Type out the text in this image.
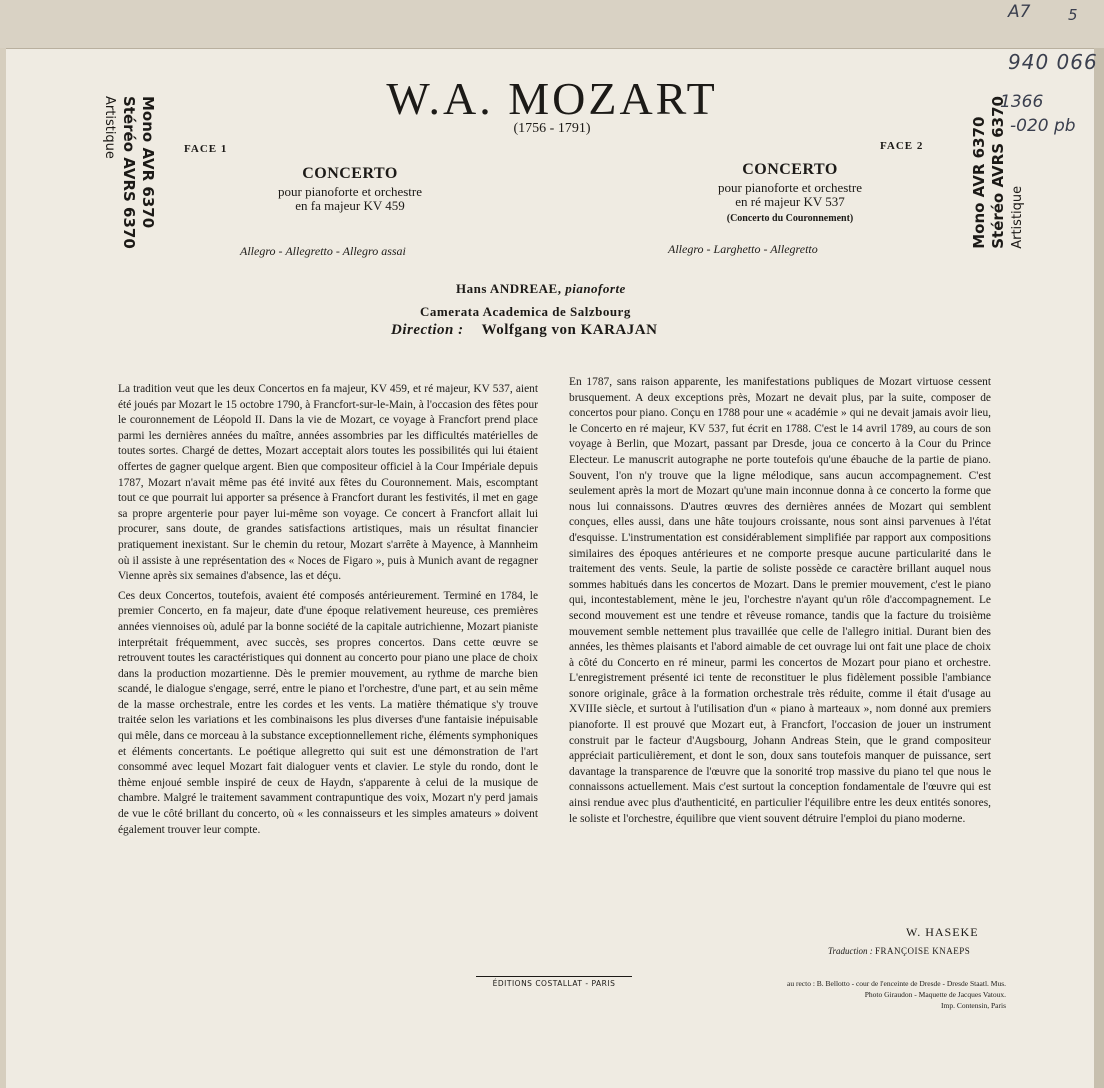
A7	5
940 066
1366
-020 pb
W.A. MOZART
(1756 - 1791)
Mono AVR 6370
Stéréo AVRS 6370
Artistique	Mono AVR 6370 Stéréo AVRS 6370 Artistique
FACE 1	FACE 2
CONCERTO
pour pianoforte et orchestre
en fa majeur KV 459
CONCERTO
pour pianoforte et orchestre
en ré majeur KV 537
(Concerto du Couronnement)
Allegro - Allegretto - Allegro assai	Allegro - Larghetto - Allegretto
Hans ANDREAE, pianoforte
Camerata Academica de Salzbourg
Direction : Wolfgang von KARAJAN

La tradition veut que les deux Concertos en fa majeur, KV 459, et ré majeur, KV 537, aient été joués par Mozart le 15 octobre 1790, à Francfort-sur-le-Main, à l'occasion des fêtes pour le couronnement de Léopold II. Dans la vie de Mozart, ce voyage à Francfort prend place parmi les dernières années du maître, années assombries par les difficultés matérielles de toutes sortes. Chargé de dettes, Mozart acceptait alors toutes les possibilités qui lui étaient offertes de gagner quelque argent. Bien que compositeur officiel à la Cour Impériale depuis 1787, Mozart n'avait même pas été invité aux fêtes du Couronnement. Mais, escomptant tout ce que pourrait lui apporter sa présence à Francfort durant les festivités, il met en gage sa propre argenterie pour payer lui-même son voyage. Ce concert à Francfort allait lui procurer, sans doute, de grandes satisfactions artistiques, mais un résultat financier pratiquement inexistant. Sur le chemin du retour, Mozart s'arrête à Mayence, à Mannheim où il assiste à une représentation des « Noces de Figaro », puis à Munich avant de regagner Vienne après six semaines d'absence, las et déçu.

Ces deux Concertos, toutefois, avaient été composés antérieurement. Terminé en 1784, le premier Concerto, en fa majeur, date d'une époque relativement heureuse, ces premières années viennoises où, adulé par la bonne société de la capitale autrichienne, Mozart pianiste interprétait fréquemment, avec succès, ses propres concertos. Dans cette œuvre se retrouvent toutes les caractéristiques qui donnent au concerto pour piano une place de choix dans la production mozartienne. Dès le premier mouvement, au rythme de marche bien scandé, le dialogue s'engage, serré, entre le piano et l'orchestre, d'une part, et au sein même de la masse orchestrale, entre les cordes et les vents. La matière thématique s'y trouve traitée selon les variations et les combinaisons les plus diverses d'une fantaisie inépuisable qui mêle, dans ce morceau à la substance exceptionnellement riche, éléments symphoniques et éléments concertants. Le poétique allegretto qui suit est une démonstration de l'art consommé avec lequel Mozart fait dialoguer vents et clavier. Le style du rondo, dont le thème enjoué semble inspiré de ceux de Haydn, s'apparente à celui de la musique de chambre. Malgré le traitement savamment contrapuntique des voix, Mozart n'y perd jamais de vue le côté brillant du concerto, où « les connaisseurs et les simples amateurs » doivent également trouver leur compte.

En 1787, sans raison apparente, les manifestations publiques de Mozart virtuose cessent brusquement. A deux exceptions près, Mozart ne devait plus, par la suite, composer de concertos pour piano. Conçu en 1788 pour une « académie » qui ne devait jamais avoir lieu, le Concerto en ré majeur, KV 537, fut écrit en 1788. C'est le 14 avril 1789, au cours de son voyage à Berlin, que Mozart, passant par Dresde, joua ce concerto à la Cour du Prince Electeur. Le manuscrit autographe ne porte toutefois qu'une ébauche de la partie de piano. Souvent, l'on n'y trouve que la ligne mélodique, sans aucun accompagnement. C'est seulement après la mort de Mozart qu'une main inconnue donna à ce concerto la forme que nous lui connaissons. D'autres œuvres des dernières années de Mozart qui semblent conçues, elles aussi, dans une hâte toujours croissante, nous sont ainsi parvenues à l'état d'esquisse. L'instrumentation est considérablement simplifiée par rapport aux compositions similaires des époques antérieures et ne comporte presque aucune particularité dans le traitement des vents. Seule, la partie de soliste possède ce caractère brillant auquel nous sommes habitués dans les concertos de Mozart. Dans le premier mouvement, c'est le piano qui, incontestablement, mène le jeu, l'orchestre n'ayant qu'un rôle d'accompagnement. Le second mouvement est une tendre et rêveuse romance, tandis que la facture du troisième mouvement semble nettement plus travaillée que celle de l'allegro initial. Durant bien des années, les thèmes plaisants et l'abord aimable de cet ouvrage lui ont fait une place de choix à côté du Concerto en ré mineur, parmi les concertos de Mozart pour piano et orchestre. L'enregistrement présenté ici tente de reconstituer le plus fidèlement possible l'ambiance sonore originale, grâce à la formation orchestrale très réduite, comme il était d'usage au XVIIIe siècle, et surtout à l'utilisation d'un « piano à marteaux », nom donné aux premiers pianoforte. Il est prouvé que Mozart eut, à Francfort, l'occasion de jouer un instrument construit par le facteur d'Augsbourg, Johann Andreas Stein, que le grand compositeur appréciait particulièrement, et dont le son, doux sans toutefois manquer de puissance, sert davantage la transparence de l'œuvre que la sonorité trop massive du piano tel que nous le connaissons actuellement. Mais c'est surtout la conception fondamentale de l'œuvre qui est ainsi rendue avec plus d'authenticité, en particulier l'équilibre entre les deux entités sonores, le soliste et l'orchestre, équilibre que vient souvent détruire l'emploi du piano moderne.

W. HASEKE
Traduction : FRANÇOISE KNAEPS
ÉDITIONS COSTALLAT - PARIS	au recto : B. Bellotto - cour de l'enceinte de Dresde - Dresde Staatl. Mus.
Photo Giraudon - Maquette de Jacques Vatoux.
Imp. Contensin, Paris
